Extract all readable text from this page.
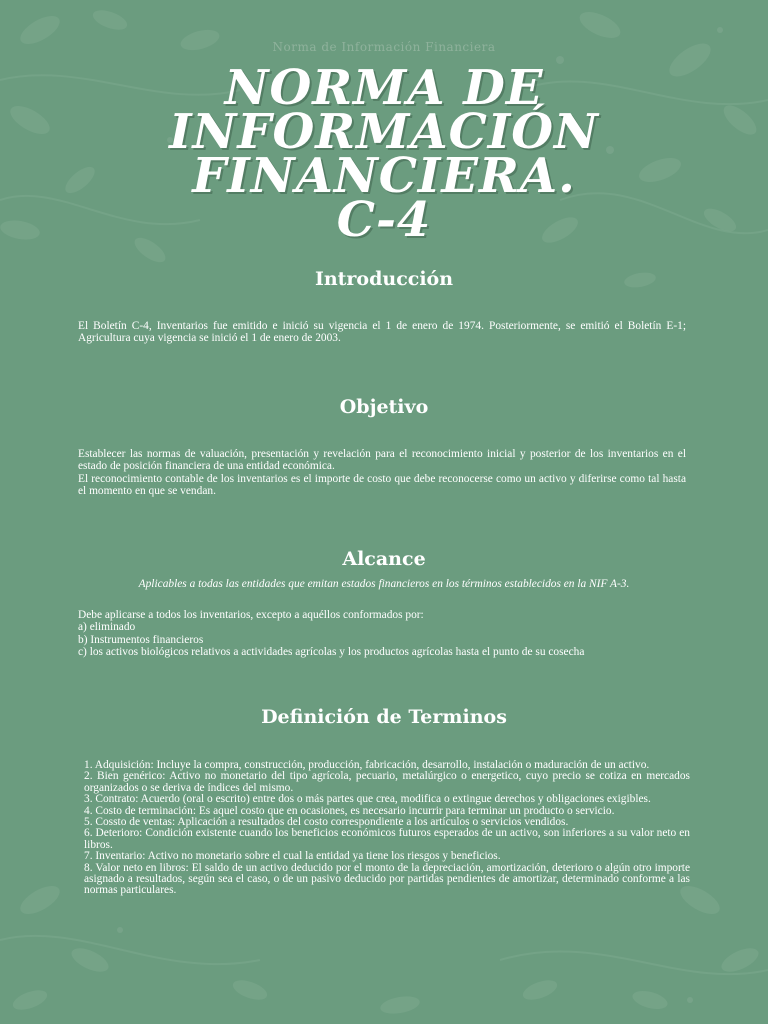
Norma de Información Financiera
NORMA DE
INFORMACIÓN
FINANCIERA.
C-4
Introducción

El Boletín C-4, Inventarios fue emitido e inició su vigencia el 1 de enero de 1974. Posteriormente, se emitió el Boletín E-1; Agricultura cuya vigencia se inició el 1 de enero de 2003.

Objetivo

Establecer las normas de valuación, presentación y revelación para el reconocimiento inicial y posterior de los inventarios en el estado de posición financiera de una entidad económica.
El reconocimiento contable de los inventarios es el importe de costo que debe reconocerse como un activo y diferirse como tal hasta el momento en que se vendan.

Alcance

Aplicables a todas las entidades que emitan estados financieros en los términos establecidos en la NIF A-3.

Debe aplicarse a todos los inventarios, excepto a aquéllos conformados por:
a) eliminado
b) Instrumentos financieros
c) los activos biológicos relativos a actividades agrícolas y los productos agrícolas hasta el punto de su cosecha
Definición de Terminos
1. Adquisición: Incluye la compra, construcción, producción, fabricación, desarrollo, instalación o maduración de un activo.
2. Bien genérico: Activo no monetario del tipo agrícola, pecuario, metalúrgico o energetico, cuyo precio se cotiza en mercados organizados o se deriva de índices del mismo.
3. Contrato: Acuerdo (oral o escrito) entre dos o más partes que crea, modifica o extingue derechos y obligaciones exigibles.
4. Costo de terminación: Es aquel costo que en ocasiones, es necesario incurrir para terminar un producto o servicio.
5. Cossto de ventas: Aplicación a resultados del costo correspondiente a los artículos o servicios vendidos.
6. Deterioro: Condición existente cuando los beneficios económicos futuros esperados de un activo, son inferiores a su valor neto en libros.
7. Inventario: Activo no monetario sobre el cual la entidad ya tiene los riesgos y beneficios.
8. Valor neto en libros: El saldo de un activo deducido por el monto de la depreciación, amortización, deterioro o algún otro importe asignado a resultados, según sea el caso, o de un pasivo deducido por partidas pendientes de amortizar, determinado conforme a las normas particulares.
